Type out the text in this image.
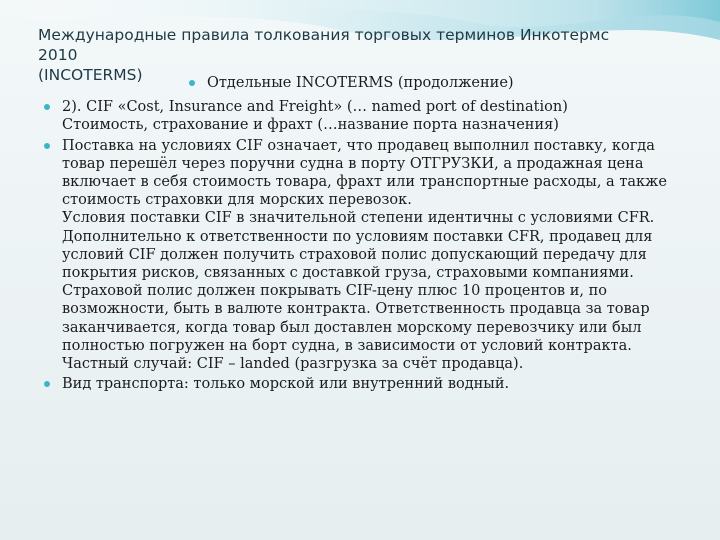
Международные правила толкования торговых терминов Инкотермс 2010
(INCOTERMS)	Отдельные INCOTERMS (продолжение)
2). CIF «Cost, Insurance and Freight» (… named port of destination)
Стоимость, страхование и фрахт (…название порта назначения)
Поставка на условиях CIF означает, что продавец выполнил поставку, когда товар перешёл через поручни судна в порту ОТГРУЗКИ, а продажная цена включает в себя стоимость товара, фрахт или транспортные расходы, а также стоимость страховки для морских перевозок.
Условия поставки CIF в значительной степени идентичны с условиями CFR. Дополнительно к ответственности по условиям поставки CFR, продавец для условий CIF должен получить страховой полис допускающий передачу для покрытия рисков, связанных с доставкой груза, страховыми компаниями. Страховой полис должен покрывать CIF-цену плюс 10 процентов и, по возможности, быть в валюте контракта. Ответственность продавца за товар заканчивается, когда товар был доставлен морскому перевозчику или был полностью погружен на борт судна, в зависимости от условий контракта.
Частный случай: CIF – landed (разгрузка за счёт продавца).
Вид транспорта: только морской или внутренний водный.
